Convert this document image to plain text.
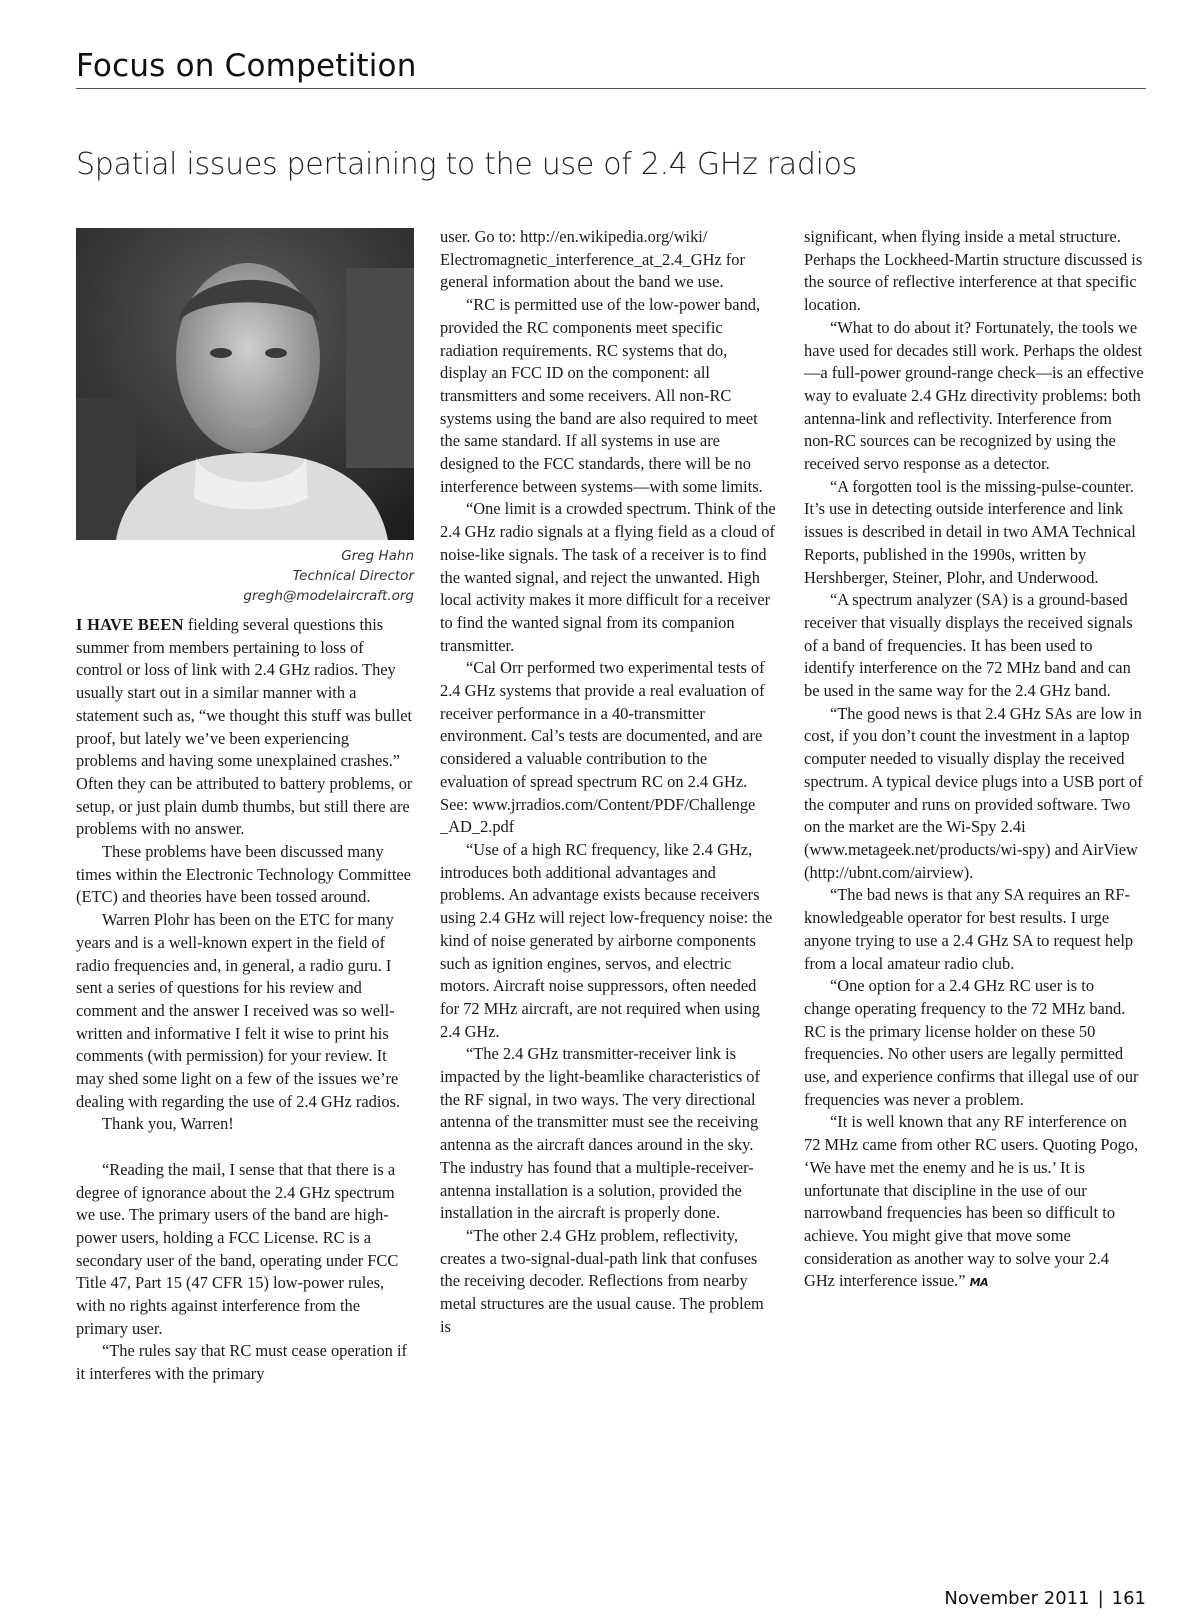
Focus on Competition
Spatial issues pertaining to the use of 2.4 GHz radios
Greg Hahn
Technical Director
gregh@modelaircraft.org

I HAVE BEEN fielding several questions this summer from members pertaining to loss of control or loss of link with 2.4 GHz radios. They usually start out in a similar manner with a statement such as, “we thought this stuff was bullet proof, but lately we’ve been experiencing problems and having some unexplained crashes.” Often they can be attributed to battery problems, or setup, or just plain dumb thumbs, but still there are problems with no answer.

These problems have been discussed many times within the Electronic Technology Committee (ETC) and theories have been tossed around.

Warren Plohr has been on the ETC for many years and is a well-known expert in the field of radio frequencies and, in general, a radio guru. I sent a series of questions for his review and comment and the answer I received was so well-written and informative I felt it wise to print his comments (with permission) for your review. It may shed some light on a few of the issues we’re dealing with regarding the use of 2.4 GHz radios.

Thank you, Warren!

“Reading the mail, I sense that that there is a degree of ignorance about the 2.4 GHz spectrum we use. The primary users of the band are high-power users, holding a FCC License. RC is a secondary user of the band, operating under FCC Title 47, Part 15 (47 CFR 15) low-power rules, with no rights against interference from the primary user.

“The rules say that RC must cease operation if it interferes with the primary

user. Go to: http://en.wikipedia.org/wiki/ Electromagnetic_interference_at_2.4_GHz for general information about the band we use.

“RC is permitted use of the low-power band, provided the RC components meet specific radiation requirements. RC systems that do, display an FCC ID on the component: all transmitters and some receivers. All non-RC systems using the band are also required to meet the same standard. If all systems in use are designed to the FCC standards, there will be no interference between systems—with some limits.

“One limit is a crowded spectrum. Think of the 2.4 GHz radio signals at a flying field as a cloud of noise-like signals. The task of a receiver is to find the wanted signal, and reject the unwanted. High local activity makes it more difficult for a receiver to find the wanted signal from its companion transmitter.

“Cal Orr performed two experimental tests of 2.4 GHz systems that provide a real evaluation of receiver performance in a 40-transmitter environment. Cal’s tests are documented, and are considered a valuable contribution to the evaluation of spread spectrum RC on 2.4 GHz. See: www.jrradios.com/Content/PDF/Challenge _AD_2.pdf

“Use of a high RC frequency, like 2.4 GHz, introduces both additional advantages and problems. An advantage exists because receivers using 2.4 GHz will reject low-frequency noise: the kind of noise generated by airborne components such as ignition engines, servos, and electric motors. Aircraft noise suppressors, often needed for 72 MHz aircraft, are not required when using 2.4 GHz.

“The 2.4 GHz transmitter-receiver link is impacted by the light-beamlike characteristics of the RF signal, in two ways. The very directional antenna of the transmitter must see the receiving antenna as the aircraft dances around in the sky. The industry has found that a multiple-receiver-antenna installation is a solution, provided the installation in the aircraft is properly done.

“The other 2.4 GHz problem, reflectivity, creates a two-signal-dual-path link that confuses the receiving decoder. Reflections from nearby metal structures are the usual cause. The problem is

significant, when flying inside a metal structure. Perhaps the Lockheed-Martin structure discussed is the source of reflective interference at that specific location.

“What to do about it? Fortunately, the tools we have used for decades still work. Perhaps the oldest—a full-power ground-range check—is an effective way to evaluate 2.4 GHz directivity problems: both antenna-link and reflectivity. Interference from non-RC sources can be recognized by using the received servo response as a detector.

“A forgotten tool is the missing-pulse-counter. It’s use in detecting outside interference and link issues is described in detail in two AMA Technical Reports, published in the 1990s, written by Hershberger, Steiner, Plohr, and Underwood.

“A spectrum analyzer (SA) is a ground-based receiver that visually displays the received signals of a band of frequencies. It has been used to identify interference on the 72 MHz band and can be used in the same way for the 2.4 GHz band.

“The good news is that 2.4 GHz SAs are low in cost, if you don’t count the investment in a laptop computer needed to visually display the received spectrum. A typical device plugs into a USB port of the computer and runs on provided software. Two on the market are the Wi-Spy 2.4i (www.metageek.net/products/wi-spy) and AirView (http://ubnt.com/airview).

“The bad news is that any SA requires an RF-knowledgeable operator for best results. I urge anyone trying to use a 2.4 GHz SA to request help from a local amateur radio club.

“One option for a 2.4 GHz RC user is to change operating frequency to the 72 MHz band. RC is the primary license holder on these 50 frequencies. No other users are legally permitted use, and experience confirms that illegal use of our frequencies was never a problem.

“It is well known that any RF interference on 72 MHz came from other RC users. Quoting Pogo, ‘We have met the enemy and he is us.’ It is unfortunate that discipline in the use of our narrowband frequencies has been so difficult to achieve. You might give that move some consideration as another way to solve your 2.4 GHz interference issue.” MA

November 2011 | 161
